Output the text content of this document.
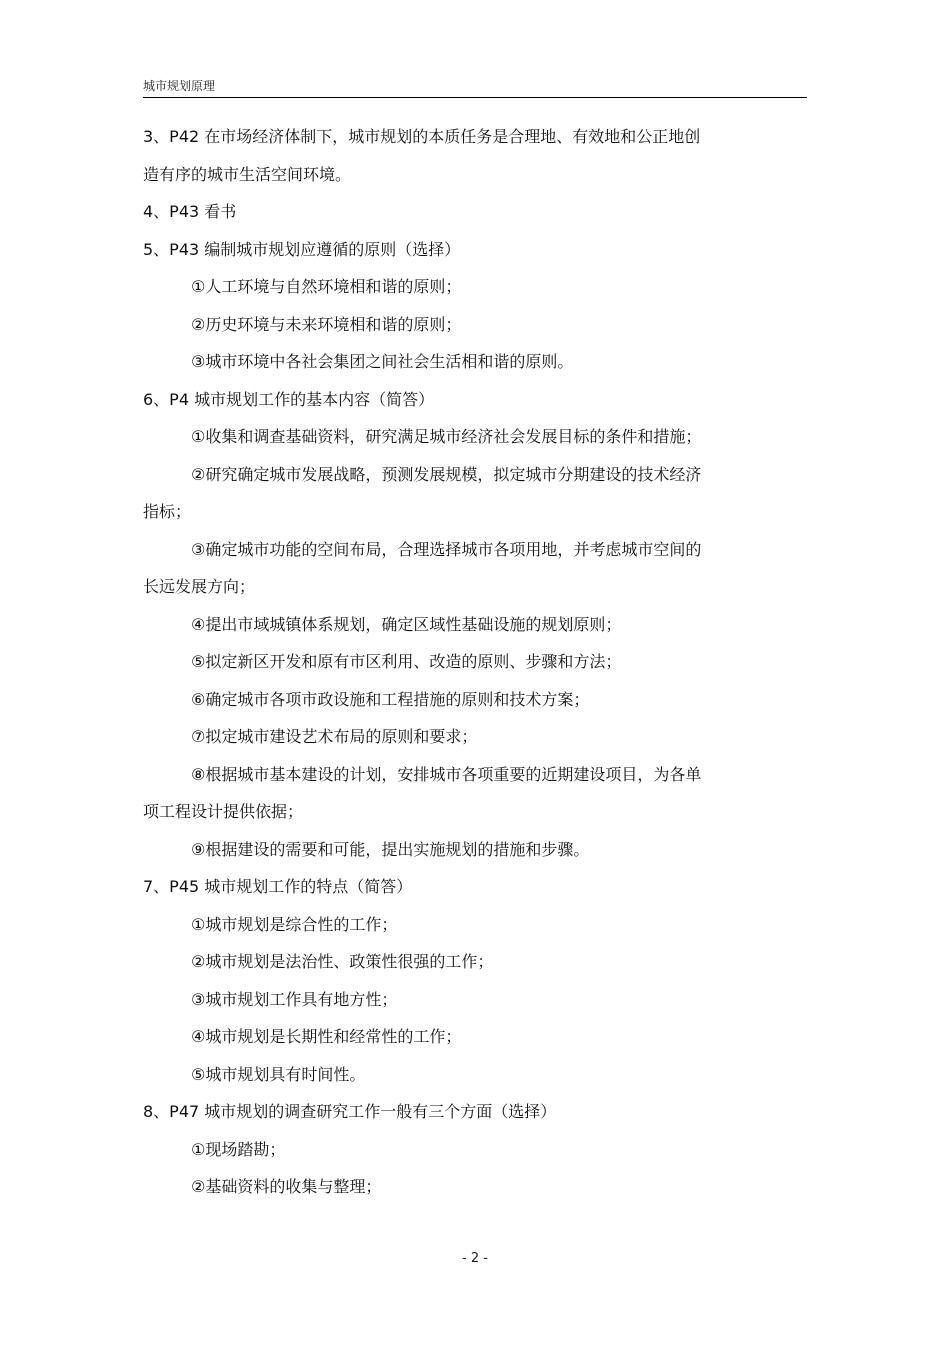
城市规划原理
3、P42 在市场经济体制下，城市规划的本质任务是合理地、有效地和公正地创
造有序的城市生活空间环境。
4、P43 看书
5、P43 编制城市规划应遵循的原则（选择）
①人工环境与自然环境相和谐的原则；
②历史环境与未来环境相和谐的原则；
③城市环境中各社会集团之间社会生活相和谐的原则。
6、P4 城市规划工作的基本内容（简答）
①收集和调查基础资料，研究满足城市经济社会发展目标的条件和措施；
②研究确定城市发展战略，预测发展规模，拟定城市分期建设的技术经济
指标；
③确定城市功能的空间布局，合理选择城市各项用地，并考虑城市空间的
长远发展方向；
④提出市域城镇体系规划，确定区域性基础设施的规划原则；
⑤拟定新区开发和原有市区利用、改造的原则、步骤和方法；
⑥确定城市各项市政设施和工程措施的原则和技术方案；
⑦拟定城市建设艺术布局的原则和要求；
⑧根据城市基本建设的计划，安排城市各项重要的近期建设项目，为各单
项工程设计提供依据；
⑨根据建设的需要和可能，提出实施规划的措施和步骤。
7、P45 城市规划工作的特点（简答）
①城市规划是综合性的工作；
②城市规划是法治性、政策性很强的工作；
③城市规划工作具有地方性；
④城市规划是长期性和经常性的工作；
⑤城市规划具有时间性。
8、P47 城市规划的调查研究工作一般有三个方面（选择）
①现场踏勘；
②基础资料的收集与整理；
- 2 -
